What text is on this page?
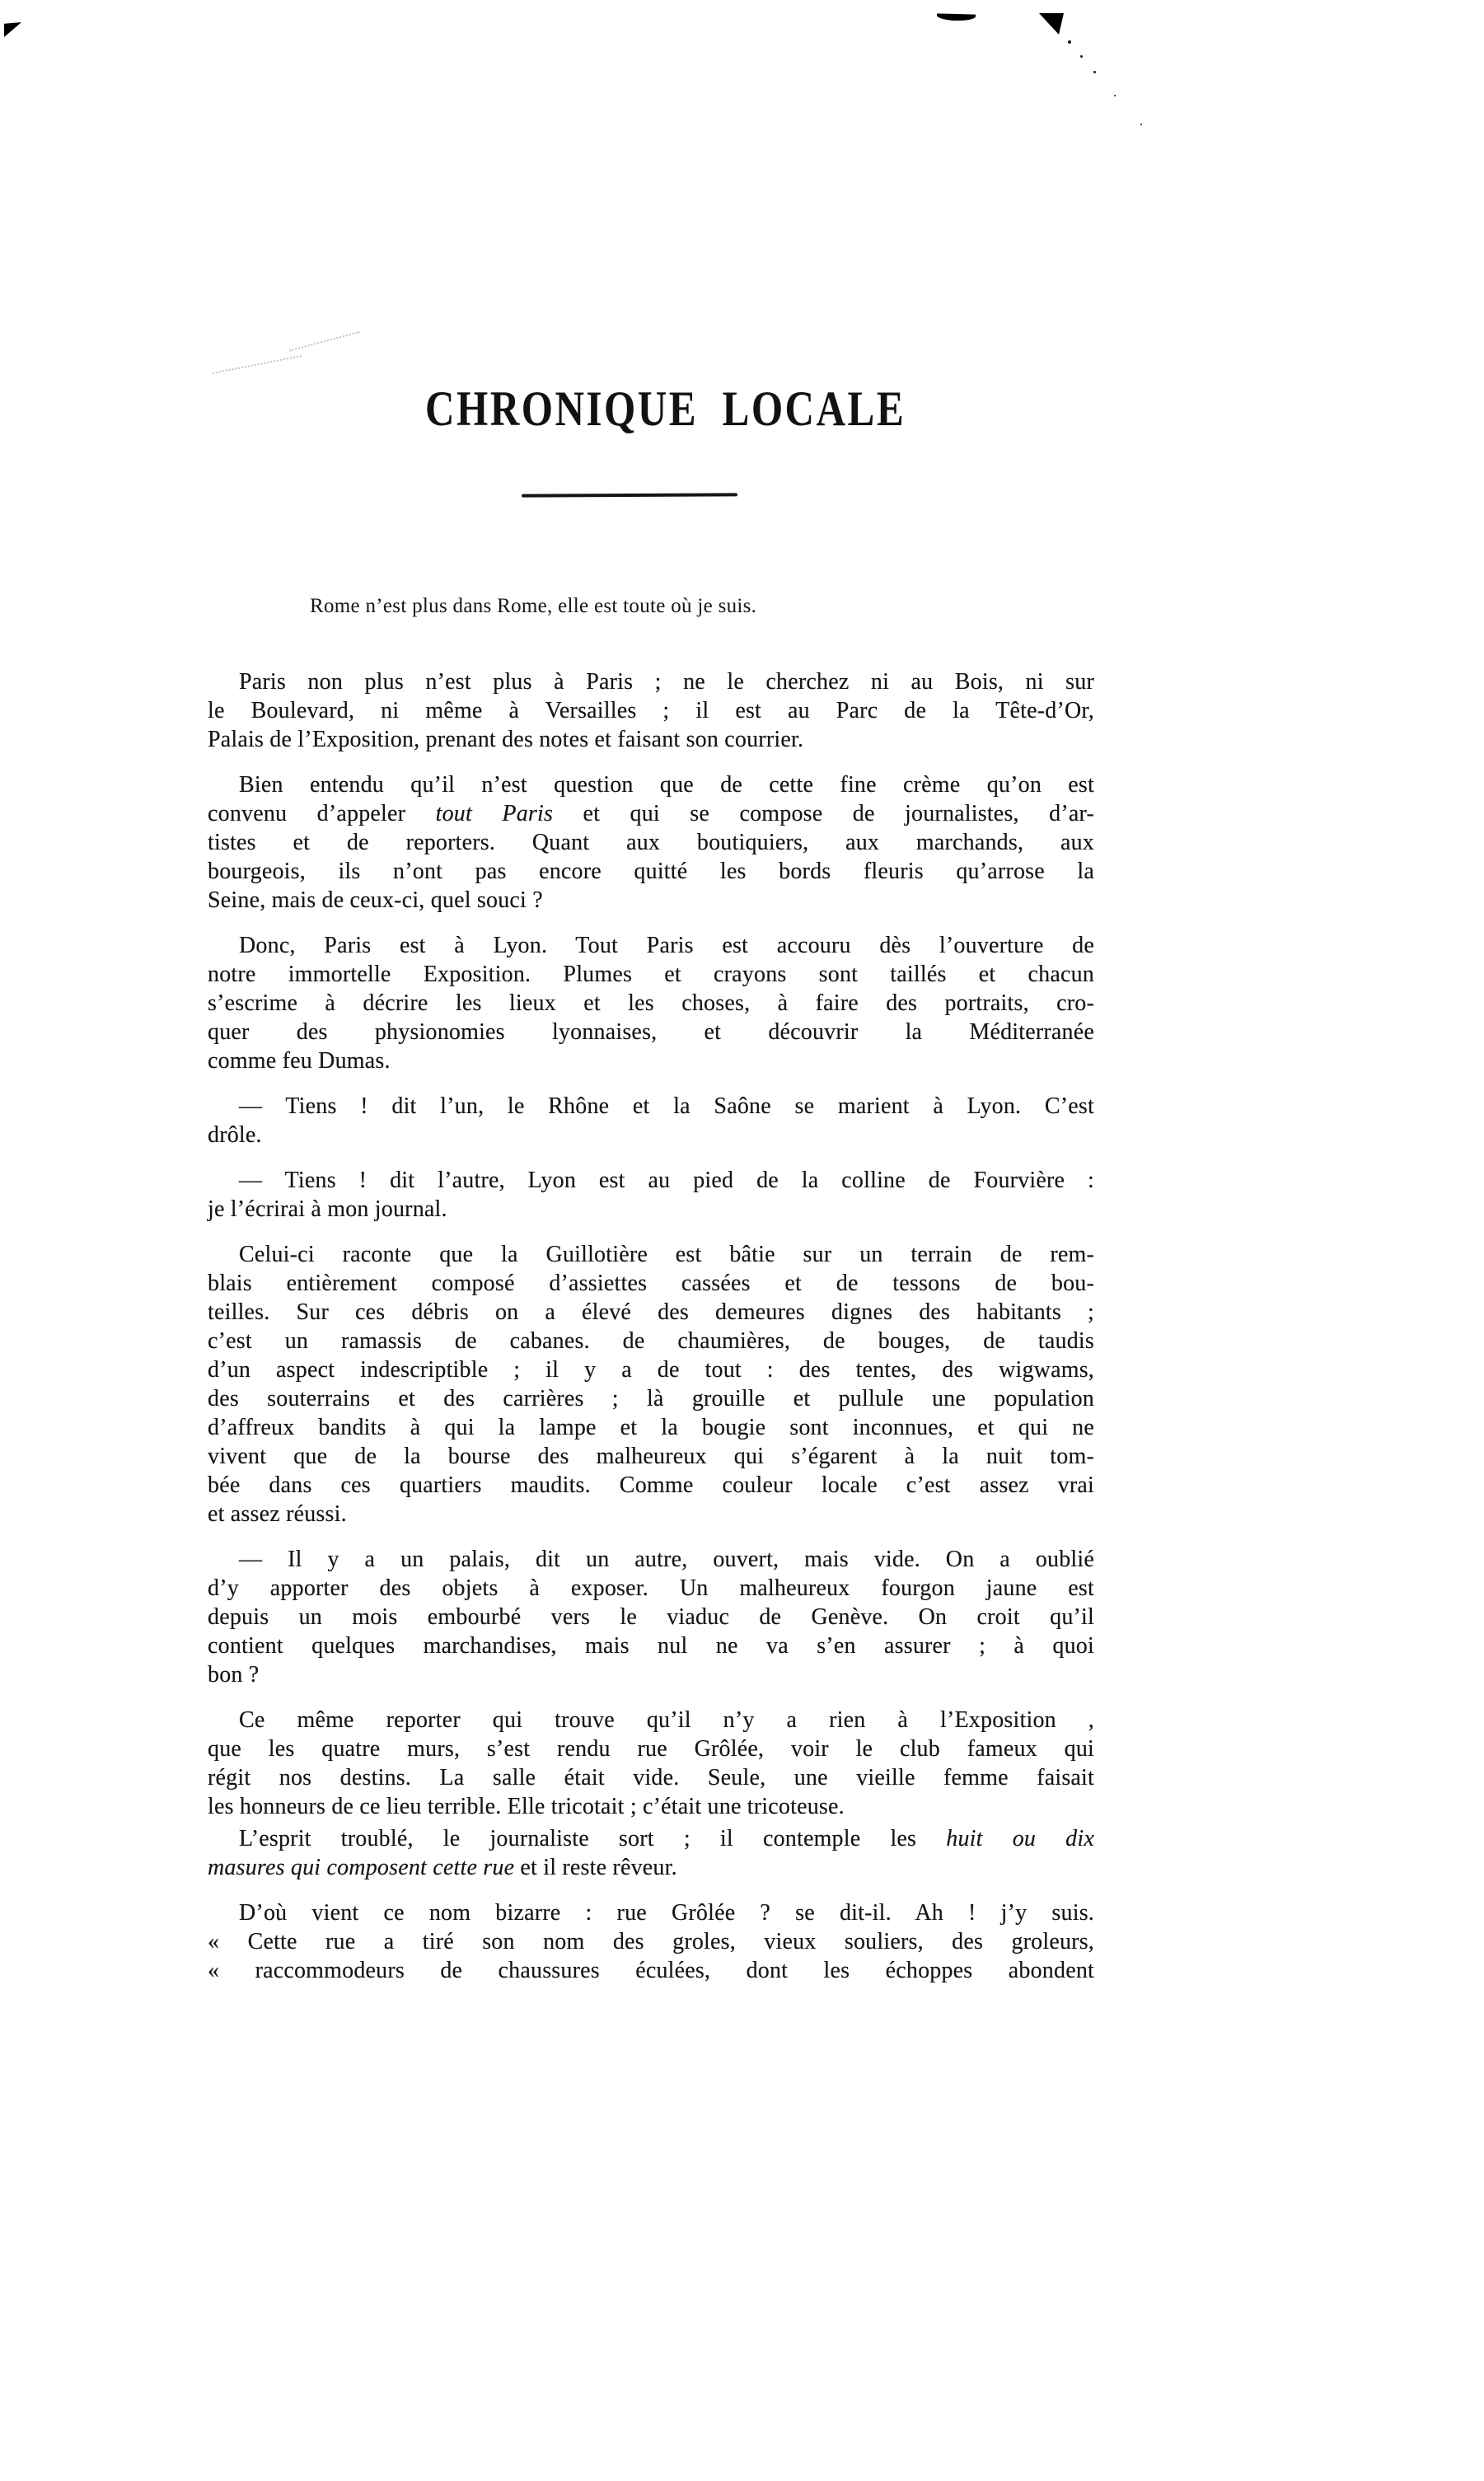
CHRONIQUE LOCALE
Rome n’est plus dans Rome, elle est toute où je suis.
Paris non plus n’est plus à Paris ; ne le cherchez ni au Bois, ni sur
le Boulevard, ni même à Versailles ; il est au Parc de la Tête-d’Or,
Palais de l’Exposition, prenant des notes et faisant son courrier.
Bien entendu qu’il n’est question que de cette fine crème qu’on est
convenu d’appeler tout Paris et qui se compose de journalistes, d’ar-
tistes et de reporters. Quant aux boutiquiers, aux marchands, aux
bourgeois, ils n’ont pas encore quitté les bords fleuris qu’arrose la
Seine, mais de ceux-ci, quel souci ?
Donc, Paris est à Lyon. Tout Paris est accouru dès l’ouverture de
notre immortelle Exposition. Plumes et crayons sont taillés et chacun
s’escrime à décrire les lieux et les choses, à faire des portraits, cro-
quer des physionomies lyonnaises, et découvrir la Méditerranée
comme feu Dumas.
— Tiens ! dit l’un, le Rhône et la Saône se marient à Lyon. C’est
drôle.
— Tiens ! dit l’autre, Lyon est au pied de la colline de Fourvière :
je l’écrirai à mon journal.
Celui-ci raconte que la Guillotière est bâtie sur un terrain de rem-
blais entièrement composé d’assiettes cassées et de tessons de bou-
teilles. Sur ces débris on a élevé des demeures dignes des habitants ;
c’est un ramassis de cabanes. de chaumières, de bouges, de taudis
d’un aspect indescriptible ; il y a de tout : des tentes, des wigwams,
des souterrains et des carrières ; là grouille et pullule une population
d’affreux bandits à qui la lampe et la bougie sont inconnues, et qui ne
vivent que de la bourse des malheureux qui s’égarent à la nuit tom-
bée dans ces quartiers maudits. Comme couleur locale c’est assez vrai
et assez réussi.
— Il y a un palais, dit un autre, ouvert, mais vide. On a oublié
d’y apporter des objets à exposer. Un malheureux fourgon jaune est
depuis un mois embourbé vers le viaduc de Genève. On croit qu’il
contient quelques marchandises, mais nul ne va s’en assurer ; à quoi
bon ?
Ce même reporter qui trouve qu’il n’y a rien à l’Exposition ,
que les quatre murs, s’est rendu rue Grôlée, voir le club fameux qui
régit nos destins. La salle était vide. Seule, une vieille femme faisait
les honneurs de ce lieu terrible. Elle tricotait ; c’était une tricoteuse.
L’esprit troublé, le journaliste sort ; il contemple les huit ou dix
masures qui composent cette rue et il reste rêveur.
D’où vient ce nom bizarre : rue Grôlée ? se dit-il. Ah ! j’y suis.
« Cette rue a tiré son nom des groles, vieux souliers, des groleurs,
« raccommodeurs de chaussures éculées, dont les échoppes abondent
